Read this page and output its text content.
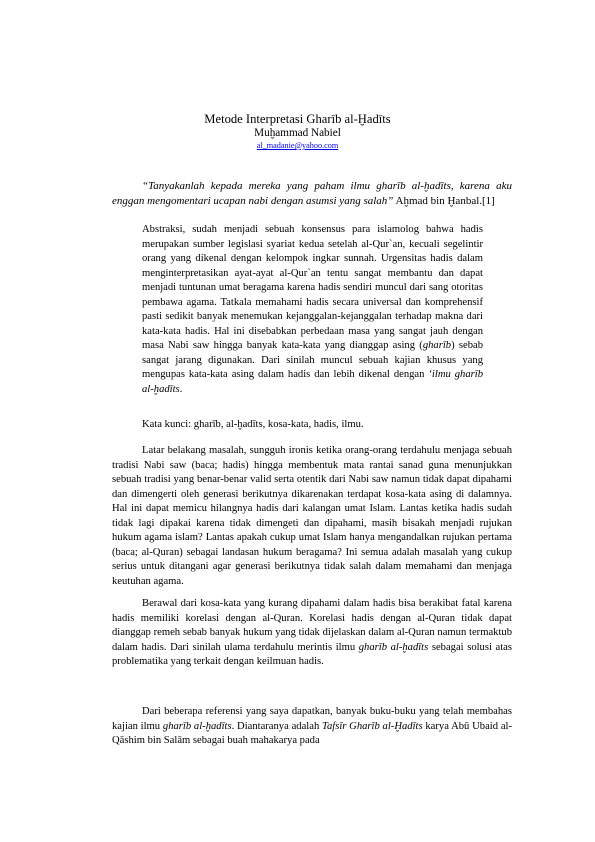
Metode Interpretasi Gharīb al-Ḫadīts
Muḫammad Nabiel
al_madanie@yahoo.com

“Tanyakanlah kepada mereka yang paham ilmu gharīb al-ḫadīts, karena aku enggan mengomentari ucapan nabi dengan asumsi yang salah” Aḫmad bin Ḫanbal.[1]

Abstraksi, sudah menjadi sebuah konsensus para islamolog bahwa hadis merupakan sumber legislasi syariat kedua setelah al-Qur`an, kecuali segelintir orang yang dikenal dengan kelompok ingkar sunnah. Urgensitas hadis dalam menginterpretasikan ayat-ayat al-Qur`an tentu sangat membantu dan dapat menjadi tuntunan umat beragama karena hadis sendiri muncul dari sang otoritas pembawa agama. Tatkala memahami hadis secara universal dan komprehensif pasti sedikit banyak menemukan kejanggalan-kejanggalan terhadap makna dari kata-kata hadis. Hal ini disebabkan perbedaan masa yang sangat jauh dengan masa Nabi saw hingga banyak kata-kata yang dianggap asing (gharīb) sebab sangat jarang digunakan. Dari sinilah muncul sebuah kajian khusus yang mengupas kata-kata asing dalam hadis dan lebih dikenal dengan ʻilmu gharīb al-ḫadīts.

Kata kunci: gharīb, al-ḫadīts, kosa-kata, hadis, ilmu.

Latar belakang masalah, sungguh ironis ketika orang-orang terdahulu menjaga sebuah tradisi Nabi saw (baca; hadis) hingga membentuk mata rantai sanad guna menunjukkan sebuah tradisi yang benar-benar valid serta otentik dari Nabi saw namun tidak dapat dipahami dan dimengerti oleh generasi berikutnya dikarenakan terdapat kosa-kata asing di dalamnya. Hal ini dapat memicu hilangnya hadis dari kalangan umat Islam. Lantas ketika hadis sudah tidak lagi dipakai karena tidak dimengeti dan dipahami, masih bisakah menjadi rujukan hukum agama islam? Lantas apakah cukup umat Islam hanya mengandalkan rujukan pertama (baca; al-Quran) sebagai landasan hukum beragama? Ini semua adalah masalah yang cukup serius untuk ditangani agar generasi berikutnya tidak salah dalam memahami dan menjaga keutuhan agama.

Berawal dari kosa-kata yang kurang dipahami dalam hadis bisa berakibat fatal karena hadis memiliki korelasi dengan al-Quran. Korelasi hadis dengan al-Quran tidak dapat dianggap remeh sebab banyak hukum yang tidak dijelaskan dalam al-Quran namun termaktub dalam hadis. Dari sinilah ulama terdahulu merintis ilmu gharīb al-ḫadīts sebagai solusi atas problematika yang terkait dengan keilmuan hadis.

Dari beberapa referensi yang saya dapatkan, banyak buku-buku yang telah membahas kajian ilmu gharīb al-ḫadīts. Diantaranya adalah Tafsīr Gharīb al-Ḫadīts karya Abū Ubaid al-Qāshim bin Salām sebagai buah mahakarya pada
